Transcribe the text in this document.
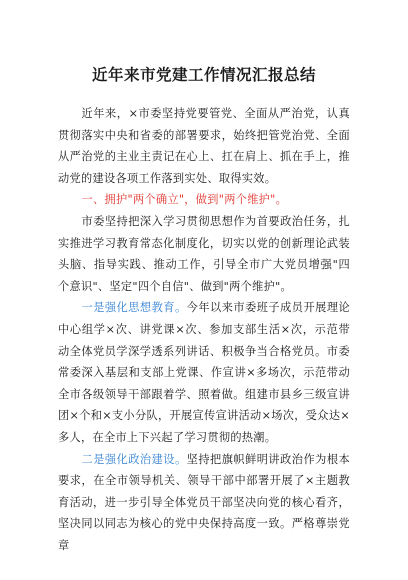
近年来市党建工作情况汇报总结

近年来，×市委坚持党要管党、全面从严治党，认真贯彻落实中央和省委的部署要求，始终把管党治党、全面从严治党的主业主责记在心上、扛在肩上、抓在手上，推动党的建设各项工作落到实处、取得实效。

一、拥护"两个确立"，做到"两个维护"。

市委坚持把深入学习贯彻思想作为首要政治任务，扎实推进学习教育常态化制度化，切实以党的创新理论武装头脑、指导实践、推动工作，引导全市广大党员增强"四个意识"、坚定"四个自信"、做到"两个维护"。

一是强化思想教育。今年以来市委班子成员开展理论中心组学×次、讲党课×次、参加支部生活×次，示范带动全体党员学深学透系列讲话、积极争当合格党员。市委常委深入基层和支部上党课、作宣讲×多场次，示范带动全市各级领导干部跟着学、照着做。组建市县乡三级宣讲团×个和×支小分队，开展宣传宣讲活动×场次，受众达×多人，在全市上下兴起了学习贯彻的热潮。

二是强化政治建设。坚持把旗帜鲜明讲政治作为根本要求，在全市领导机关、领导干部中部署开展了×主题教育活动，进一步引导全体党员干部坚决向党的核心看齐，坚决同以同志为核心的党中央保持高度一致。严格尊崇党章
